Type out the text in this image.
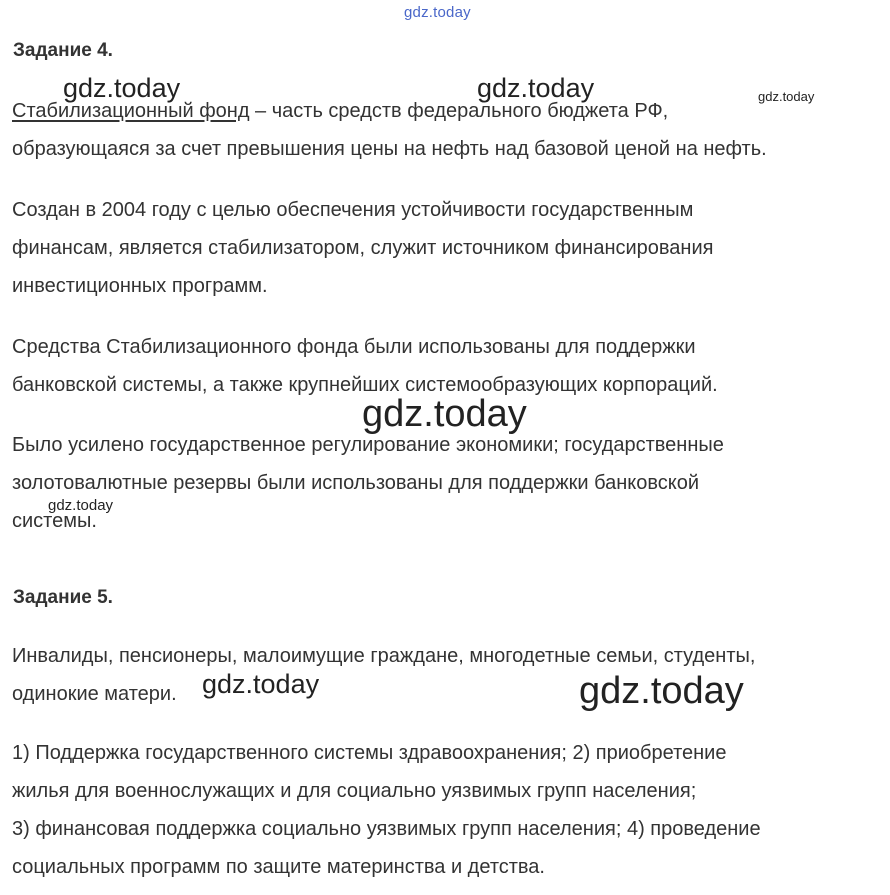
gdz.today
Задание 4.
Стабилизационный фонд – часть средств федерального бюджета РФ,
образующаяся за счет превышения цены на нефть над базовой ценой на нефть.
Создан в 2004 году с целью обеспечения устойчивости государственным
финансам, является стабилизатором, служит источником финансирования
инвестиционных программ.
Средства Стабилизационного фонда были использованы для поддержки
банковской системы, а также крупнейших системообразующих корпораций.
Было усилено государственное регулирование экономики; государственные
золотовалютные резервы были использованы для поддержки банковской
системы.
Задание 5.
Инвалиды, пенсионеры, малоимущие граждане, многодетные семьи, студенты,
одинокие матери.
1) Поддержка государственного системы здравоохранения; 2) приобретение
жилья для военнослужащих и для социально уязвимых групп населения;
3) финансовая поддержка социально уязвимых групп населения; 4) проведение
социальных программ по защите материнства и детства.
gdz.today	gdz.today	gdz.today
gdz.today
gdz.today
gdz.today	gdz.today
